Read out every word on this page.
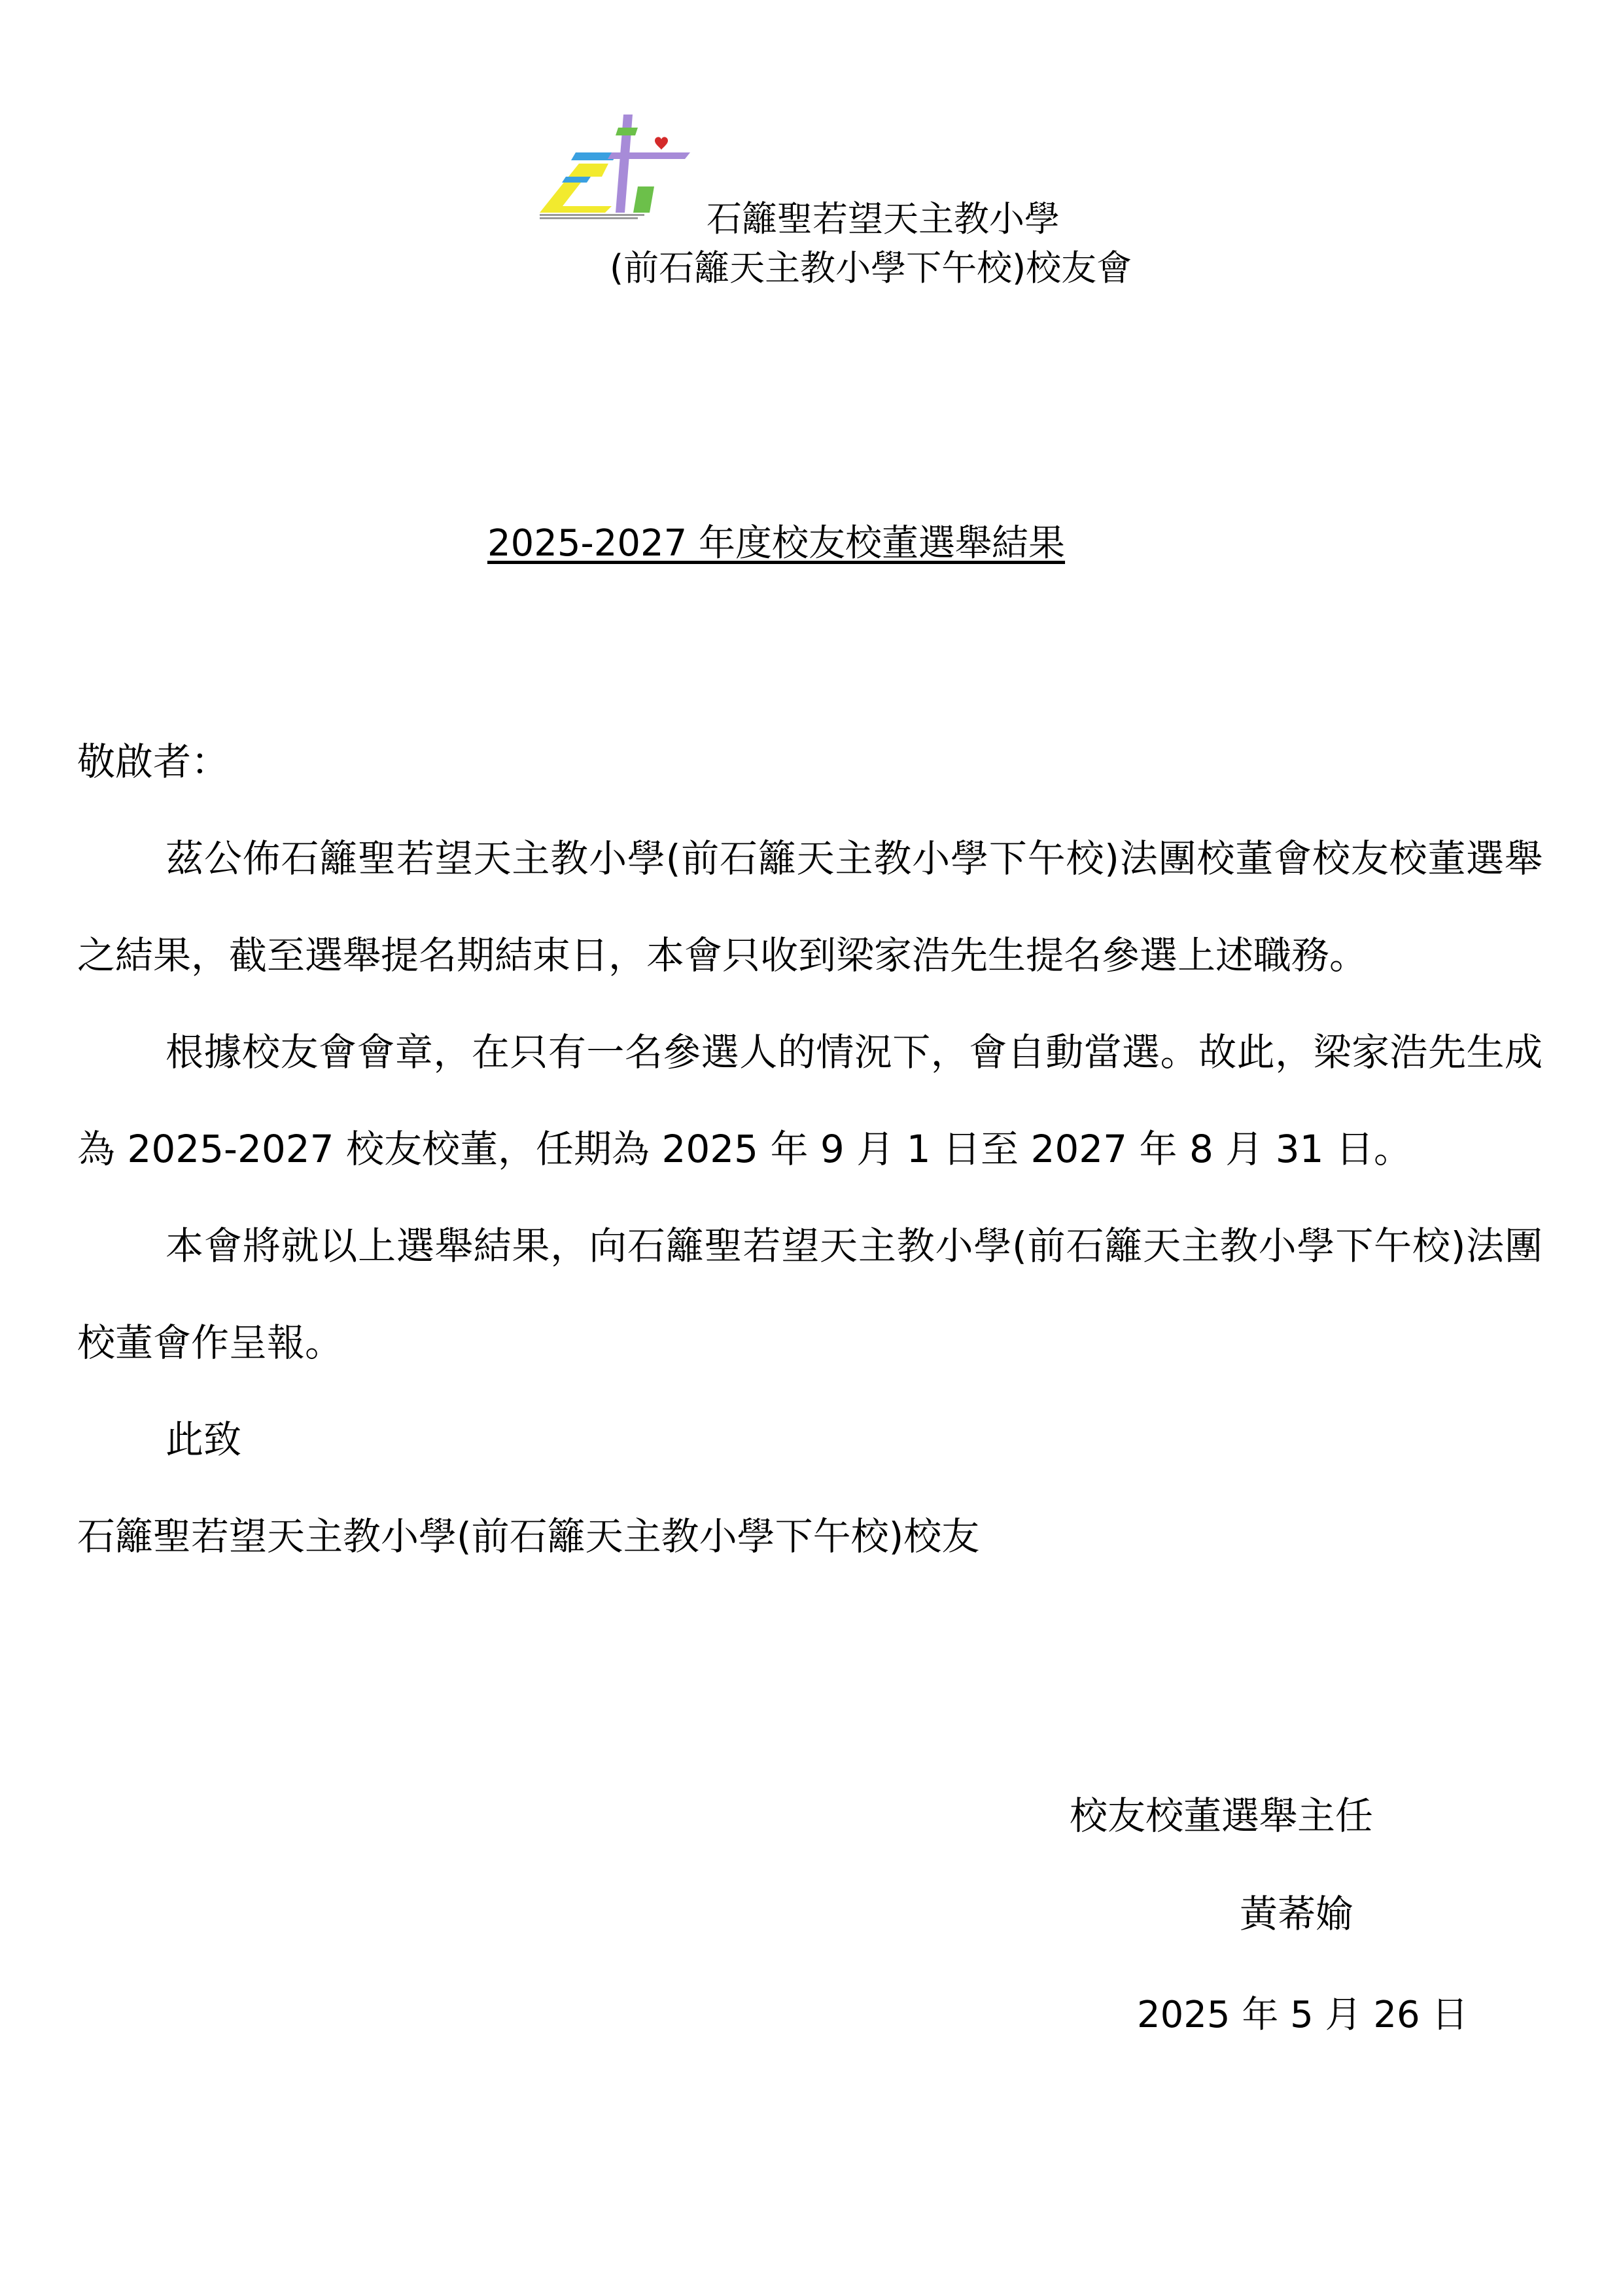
石籬聖若望天主教小學
(前石籬天主教小學下午校)校友會
2025-2027 年度校友校董選舉結果

敬啟者：

茲公佈石籬聖若望天主教小學(前石籬天主教小學下午校)法團校董會校友校董選舉之結果，截至選舉提名期結束日，本會只收到梁家浩先生提名參選上述職務。

根據校友會會章，在只有一名參選人的情況下，會自動當選。故此，梁家浩先生成為 2025-2027 校友校董，任期為 2025 年 9 月 1 日至 2027 年 8 月 31 日。

本會將就以上選舉結果，向石籬聖若望天主教小學(前石籬天主教小學下午校)法團校董會作呈報。

此致

石籬聖若望天主教小學(前石籬天主教小學下午校)校友

校友校董選舉主任
黃莃媮
2025 年 5 月 26 日
